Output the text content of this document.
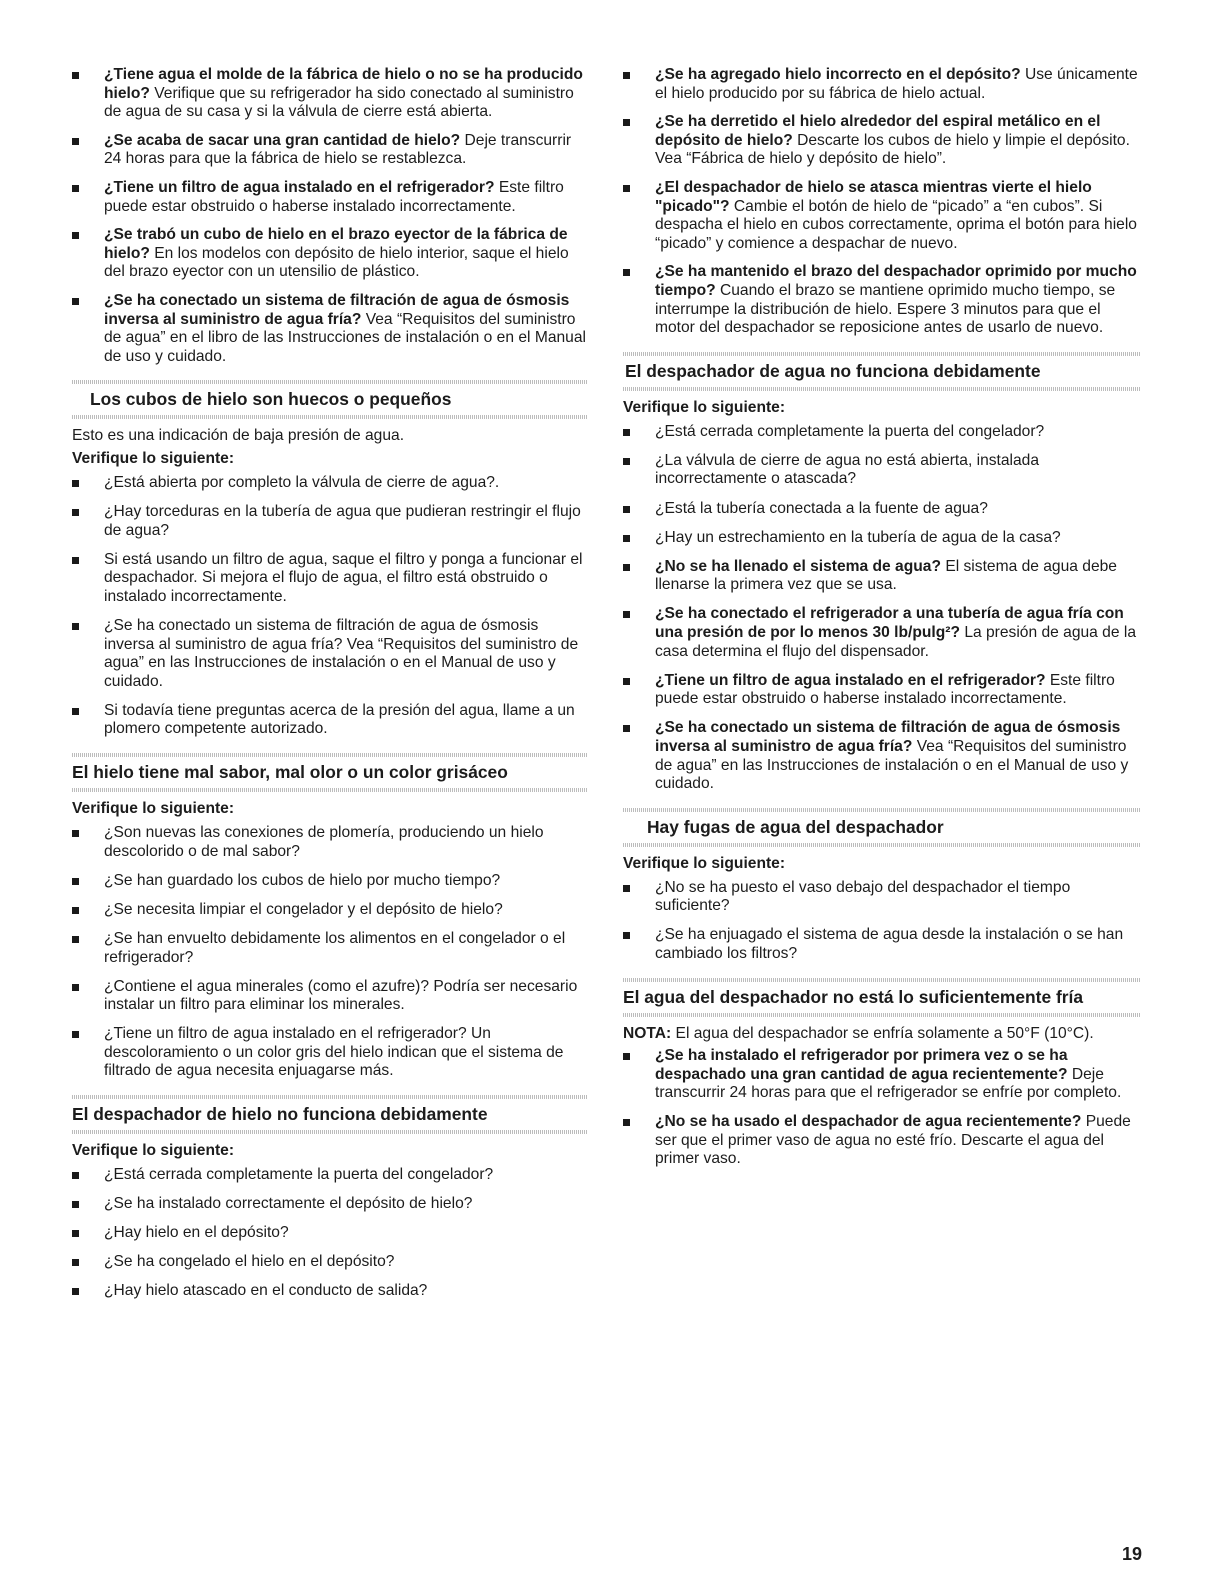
¿Tiene agua el molde de la fábrica de hielo o no se ha producido hielo? Verifique que su refrigerador ha sido conectado al suministro de agua de su casa y si la válvula de cierre está abierta.
¿Se acaba de sacar una gran cantidad de hielo? Deje transcurrir 24 horas para que la fábrica de hielo se restablezca.
¿Tiene un filtro de agua instalado en el refrigerador? Este filtro puede estar obstruido o haberse instalado incorrectamente.
¿Se trabó un cubo de hielo en el brazo eyector de la fábrica de hielo? En los modelos con depósito de hielo interior, saque el hielo del brazo eyector con un utensilio de plástico.
¿Se ha conectado un sistema de filtración de agua de ósmosis inversa al suministro de agua fría? Vea “Requisitos del suministro de agua” en el libro de las Instrucciones de instalación o en el Manual de uso y cuidado.
Los cubos de hielo son huecos o pequeños
Esto es una indicación de baja presión de agua.
Verifique lo siguiente:
¿Está abierta por completo la válvula de cierre de agua?.
¿Hay torceduras en la tubería de agua que pudieran restringir el flujo de agua?
Si está usando un filtro de agua, saque el filtro y ponga a funcionar el despachador. Si mejora el flujo de agua, el filtro está obstruido o instalado incorrectamente.
¿Se ha conectado un sistema de filtración de agua de ósmosis inversa al suministro de agua fría? Vea “Requisitos del suministro de agua” en las Instrucciones de instalación o en el Manual de uso y cuidado.
Si todavía tiene preguntas acerca de la presión del agua, llame a un plomero competente autorizado.
El hielo tiene mal sabor, mal olor o un color grisáceo
Verifique lo siguiente:
¿Son nuevas las conexiones de plomería, produciendo un hielo descolorido o de mal sabor?
¿Se han guardado los cubos de hielo por mucho tiempo?
¿Se necesita limpiar el congelador y el depósito de hielo?
¿Se han envuelto debidamente los alimentos en el congelador o el refrigerador?
¿Contiene el agua minerales (como el azufre)? Podría ser necesario instalar un filtro para eliminar los minerales.
¿Tiene un filtro de agua instalado en el refrigerador? Un descoloramiento o un color gris del hielo indican que el sistema de filtrado de agua necesita enjuagarse más.
El despachador de hielo no funciona debidamente
Verifique lo siguiente:
¿Está cerrada completamente la puerta del congelador?
¿Se ha instalado correctamente el depósito de hielo?
¿Hay hielo en el depósito?
¿Se ha congelado el hielo en el depósito?
¿Hay hielo atascado en el conducto de salida?
¿Se ha agregado hielo incorrecto en el depósito? Use únicamente el hielo producido por su fábrica de hielo actual.
¿Se ha derretido el hielo alrededor del espiral metálico en el depósito de hielo? Descarte los cubos de hielo y limpie el depósito. Vea “Fábrica de hielo y depósito de hielo”.
¿El despachador de hielo se atasca mientras vierte el hielo "picado"? Cambie el botón de hielo de “picado” a “en cubos”. Si despacha el hielo en cubos correctamente, oprima el botón para hielo “picado” y comience a despachar de nuevo.
¿Se ha mantenido el brazo del despachador oprimido por mucho tiempo? Cuando el brazo se mantiene oprimido mucho tiempo, se interrumpe la distribución de hielo. Espere 3 minutos para que el motor del despachador se reposicione antes de usarlo de nuevo.
El despachador de agua no funciona debidamente
Verifique lo siguiente:
¿Está cerrada completamente la puerta del congelador?
¿La válvula de cierre de agua no está abierta, instalada incorrectamente o atascada?
¿Está la tubería conectada a la fuente de agua?
¿Hay un estrechamiento en la tubería de agua de la casa?
¿No se ha llenado el sistema de agua? El sistema de agua debe llenarse la primera vez que se usa.
¿Se ha conectado el refrigerador a una tubería de agua fría con una presión de por lo menos 30 lb/pulg²? La presión de agua de la casa determina el flujo del dispensador.
¿Tiene un filtro de agua instalado en el refrigerador? Este filtro puede estar obstruido o haberse instalado incorrectamente.
¿Se ha conectado un sistema de filtración de agua de ósmosis inversa al suministro de agua fría? Vea “Requisitos del suministro de agua” en las Instrucciones de instalación o en el Manual de uso y cuidado.
Hay fugas de agua del despachador
Verifique lo siguiente:
¿No se ha puesto el vaso debajo del despachador el tiempo suficiente?
¿Se ha enjuagado el sistema de agua desde la instalación o se han cambiado los filtros?
El agua del despachador no está lo suficientemente fría
NOTA: El agua del despachador se enfría solamente a 50°F (10°C).
¿Se ha instalado el refrigerador por primera vez o se ha despachado una gran cantidad de agua recientemente? Deje transcurrir 24 horas para que el refrigerador se enfríe por completo.
¿No se ha usado el despachador de agua recientemente? Puede ser que el primer vaso de agua no esté frío. Descarte el agua del primer vaso.
19
